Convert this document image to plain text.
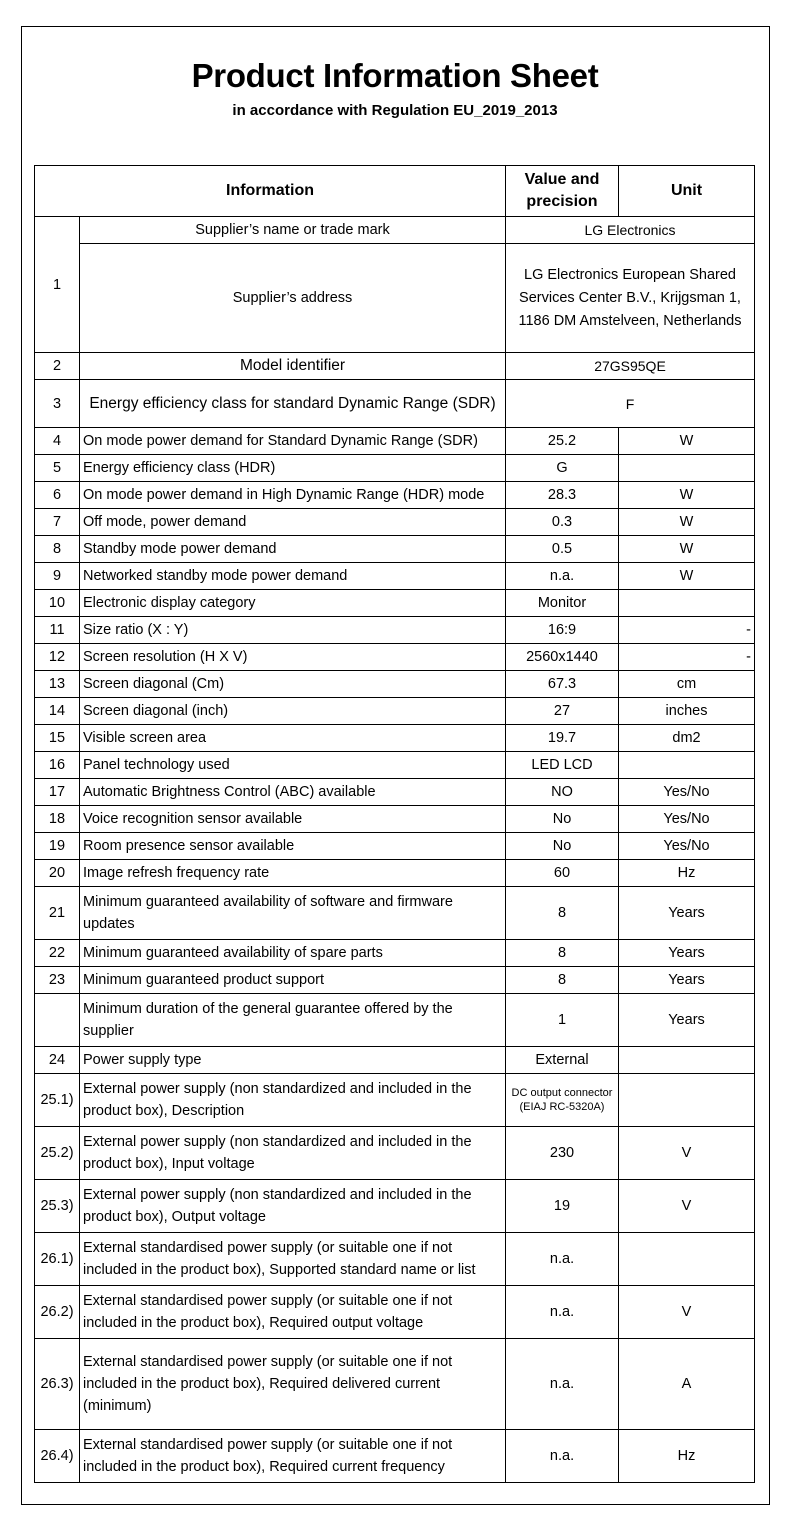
Product Information Sheet
in accordance with Regulation EU_2019_2013
Information		Value and precision	Unit
1	Supplier’s name or trade mark	LG Electronics	
	Supplier’s address	LG Electronics European Shared
Services Center B.V., Krijgsman 1,
1186 DM Amstelveen, Netherlands	

2	Model identifier	27GS95QE	
3	Energy efficiency class for standard Dynamic Range (SDR)	F	
4	On mode power demand for Standard Dynamic Range (SDR)	25.2	W
5	Energy efficiency class (HDR)	G	
6	On mode power demand in High Dynamic Range (HDR) mode	28.3	W
7	Off mode, power demand	0.3	W
8	Standby mode power demand	0.5	W
9	Networked standby mode power demand	n.a.	W
10	Electronic display category	Monitor	
11	Size ratio (X : Y)	16:9	-
12	Screen resolution (H X V)	2560x1440	-
13	Screen diagonal (Cm)	67.3	cm
14	Screen diagonal (inch)	27	inches
15	Visible screen area	19.7	dm2
16	Panel technology used	LED LCD	
17	Automatic Brightness Control (ABC) available	NO	Yes/No
18	Voice recognition sensor available	No	Yes/No
19	Room presence sensor available	No	Yes/No
20	Image refresh frequency rate	60	Hz
21	Minimum guaranteed availability of software and firmware updates	8	Years
22	Minimum guaranteed availability of spare parts	8	Years
23	Minimum guaranteed product support	8	Years
	Minimum duration of the general guarantee offered by the supplier	1	Years
24	Power supply type	External	
25.1)	External power supply (non standardized and included in the product box), Description	DC output connector (EIAJ RC-5320A)	
25.2)	External power supply (non standardized and included in the product box), Input voltage	230	V
25.3)	External power supply (non standardized and included in the product box), Output voltage	19	V
26.1)	External standardised power supply (or suitable one if not included in the product box), Supported standard name or list	n.a.	
26.2)	External standardised power supply (or suitable one if not included in the product box), Required output voltage	n.a.	V
26.3)	External standardised power supply (or suitable one if not included in the product box), Required delivered current (minimum)	n.a.	A
26.4)	External standardised power supply (or suitable one if not included in the product box), Required current frequency	n.a.	Hz
